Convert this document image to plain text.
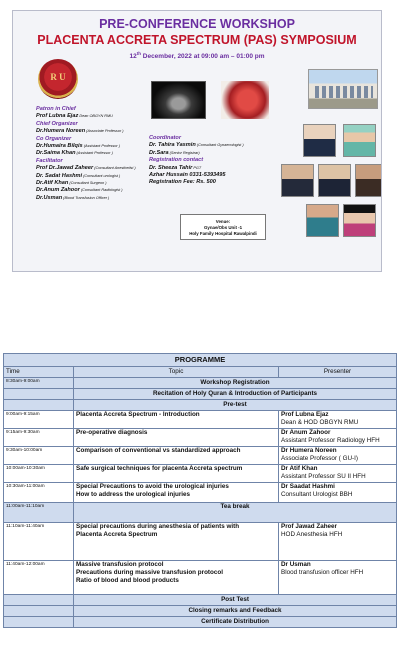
PRE-CONFERENCE WORKSHOP
PLACENTA ACCRETA SPECTRUM (PAS) SYMPOSIUM
12th December, 2022 at 09:00 am – 01:00 pm
R U
Patron in Chief
Prof Lubna Ejaz Dean OBGYN RMU
Chief Organizer
Dr.Humera Noreen (Associate Professor )
Co Organizer
Dr.Humaira Bilqis (Assistant Professor )
Dr.Saima Khan (Assistant Professor )
Facilitator
Prof Dr.Jawad Zaheer (Consultant Anesthetist )
Dr. Sadat Hashmi (Consultant urologist )
Dr.Atif Khan (Consultant Surgeon )
Dr.Anum Zahoor (Consultant Radiologist )
Dr.Usman (Blood Transfusion Officer )
Coordinator
Dr. Tahira Yasmin (Consultant Gynaecologist )
Dr.Sara (Senior Registrar)
Registration contact
Dr. Sheeza Tahir PGT
Azhar Hussain 0331-5393495
Registration Fee: Rs. 500
Venue:
Gynae/Obs Unit -1
Holy Family Hospital Rawalpindi
PROGRAMME		
Time	Topic	Presenter
8:30am-9:00am	Workshop Registration	
	Recitation of Holy Quran & Introduction of Participants	
	Pre-test	
9:00am-9:15am	Placenta Accreta Spectrum - Introduction	Prof Lubna Ejaz
Dean & HOD OBGYN RMU

9:15am-9:30am	Pre-operative diagnosis	Dr Anum Zahoor
Assistant Professor Radiology HFH

9:30am-10:00am	Comparison of conventional vs standardized approach	Dr Humera Noreen
Associate Professor ( GU-I)

10:00am-10:30am	Safe surgical techniques for placenta Accreta spectrum	Dr Atif Khan
Assistant Professor SU II HFH

10:30am-11:00am	Special Precautions to avoid the urological injuries
How to address the urological injuries	Dr Saadat Hashmi
Consultant Urologist BBH

11:00am-11:10am	Tea break	
11:10am-11:40am	Special precautions during anesthesia of patients with
Placenta Accreta Spectrum	Prof Jawad Zaheer
HOD Anesthesia HFH

11:40am-12:00am	Massive transfusion protocol
Precautions during massive transfusion protocol
Ratio of blood and blood products	Dr Usman
Blood transfusion officer HFH

	Post Test	
	Closing remarks and Feedback	
	Certificate Distribution	
